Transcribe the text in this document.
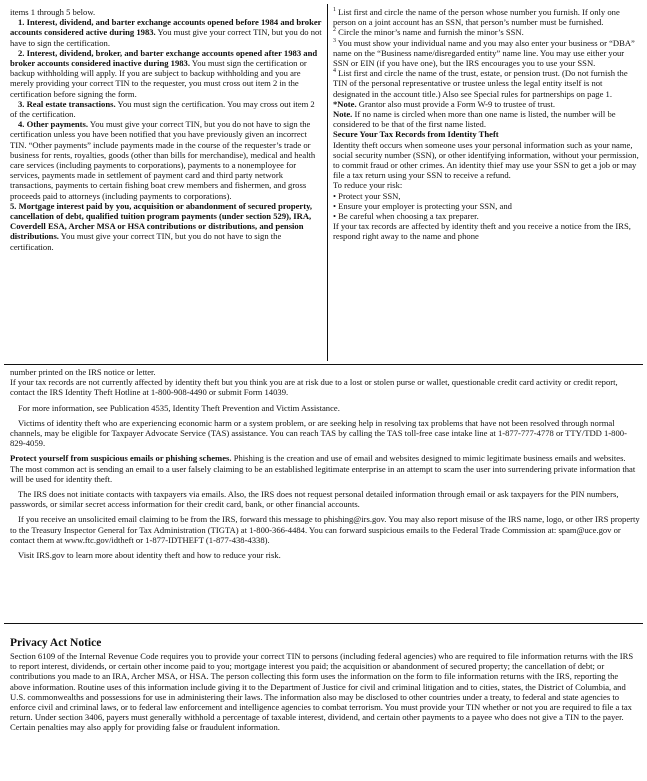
items 1 through 5 below.

1. Interest, dividend, and barter exchange accounts opened before 1984 and broker accounts considered active during 1983. You must give your correct TIN, but you do not have to sign the certification.

2. Interest, dividend, broker, and barter exchange accounts opened after 1983 and broker accounts considered inactive during 1983. You must sign the certification or backup withholding will apply. If you are subject to backup withholding and you are merely providing your correct TIN to the requester, you must cross out item 2 in the certification before signing the form.

3. Real estate transactions. You must sign the certification. You may cross out item 2 of the certification.

4. Other payments. You must give your correct TIN, but you do not have to sign the certification unless you have been notified that you have previously given an incorrect TIN. “Other payments” include payments made in the course of the requester’s trade or business for rents, royalties, goods (other than bills for merchandise), medical and health care services (including payments to corporations), payments to a nonemployee for services, payments made in settlement of payment card and third party network transactions, payments to certain fishing boat crew members and fishermen, and gross proceeds paid to attorneys (including payments to corporations).

5. Mortgage interest paid by you, acquisition or abandonment of secured property, cancellation of debt, qualified tuition program payments (under section 529), IRA, Coverdell ESA, Archer MSA or HSA contributions or distributions, and pension distributions. You must give your correct TIN, but you do not have to sign the certification.

$^1$ List first and circle the name of the person whose number you furnish. If only one person on a joint account has an SSN, that person’s number must be furnished.

$^2$ Circle the minor’s name and furnish the minor’s SSN.

$^3$ You must show your individual name and you may also enter your business or “DBA” name on the “Business name/disregarded entity” name line. You may use either your SSN or EIN (if you have one), but the IRS encourages you to use your SSN.

$^4$ List first and circle the name of the trust, estate, or pension trust. (Do not furnish the TIN of the personal representative or trustee unless the legal entity itself is not designated in the account title.) Also see Special rules for partnerships on page 1.

*Note. Grantor also must provide a Form W-9 to trustee of trust.

Note. If no name is circled when more than one name is listed, the number will be considered to be that of the first name listed.

Secure Your Tax Records from Identity Theft

Identity theft occurs when someone uses your personal information such as your name, social security number (SSN), or other identifying information, without your permission, to commit fraud or other crimes. An identity thief may use your SSN to get a job or may file a tax return using your SSN to receive a refund.

To reduce your risk:

• Protect your SSN,

• Ensure your employer is protecting your SSN, and

• Be careful when choosing a tax preparer.

If your tax records are affected by identity theft and you receive a notice from the IRS, respond right away to the name and phone

number printed on the IRS notice or letter.

If your tax records are not currently affected by identity theft but you think you are at risk due to a lost or stolen purse or wallet, questionable credit card activity or credit report, contact the IRS Identity Theft Hotline at 1-800-908-4490 or submit Form 14039.

For more information, see Publication 4535, Identity Theft Prevention and Victim Assistance.

Victims of identity theft who are experiencing economic harm or a system problem, or are seeking help in resolving tax problems that have not been resolved through normal channels, may be eligible for Taxpayer Advocate Service (TAS) assistance. You can reach TAS by calling the TAS toll-free case intake line at 1-877-777-4778 or TTY/TDD 1-800-829-4059.

Protect yourself from suspicious emails or phishing schemes. Phishing is the creation and use of email and websites designed to mimic legitimate business emails and websites. The most common act is sending an email to a user falsely claiming to be an established legitimate enterprise in an attempt to scam the user into surrendering private information that will be used for identity theft.

The IRS does not initiate contacts with taxpayers via emails. Also, the IRS does not request personal detailed information through email or ask taxpayers for the PIN numbers, passwords, or similar secret access information for their credit card, bank, or other financial accounts.

If you receive an unsolicited email claiming to be from the IRS, forward this message to phishing@irs.gov. You may also report misuse of the IRS name, logo, or other IRS property to the Treasury Inspector General for Tax Administration (TIGTA) at 1-800-366-4484. You can forward suspicious emails to the Federal Trade Commission at: spam@uce.gov or contact them at www.ftc.gov/idtheft or 1-877-IDTHEFT (1-877-438-4338).

Visit IRS.gov to learn more about identity theft and how to reduce your risk.

Privacy Act Notice

Section 6109 of the Internal Revenue Code requires you to provide your correct TIN to persons (including federal agencies) who are required to file information returns with the IRS to report interest, dividends, or certain other income paid to you; mortgage interest you paid; the acquisition or abandonment of secured property; the cancellation of debt; or contributions you made to an IRA, Archer MSA, or HSA. The person collecting this form uses the information on the form to file information returns with the IRS, reporting the above information. Routine uses of this information include giving it to the Department of Justice for civil and criminal litigation and to cities, states, the District of Columbia, and U.S. commonwealths and possessions for use in administering their laws. The information also may be disclosed to other countries under a treaty, to federal and state agencies to enforce civil and criminal laws, or to federal law enforcement and intelligence agencies to combat terrorism. You must provide your TIN whether or not you are required to file a tax return. Under section 3406, payers must generally withhold a percentage of taxable interest, dividend, and certain other payments to a payee who does not give a TIN to the payer. Certain penalties may also apply for providing false or fraudulent information.
